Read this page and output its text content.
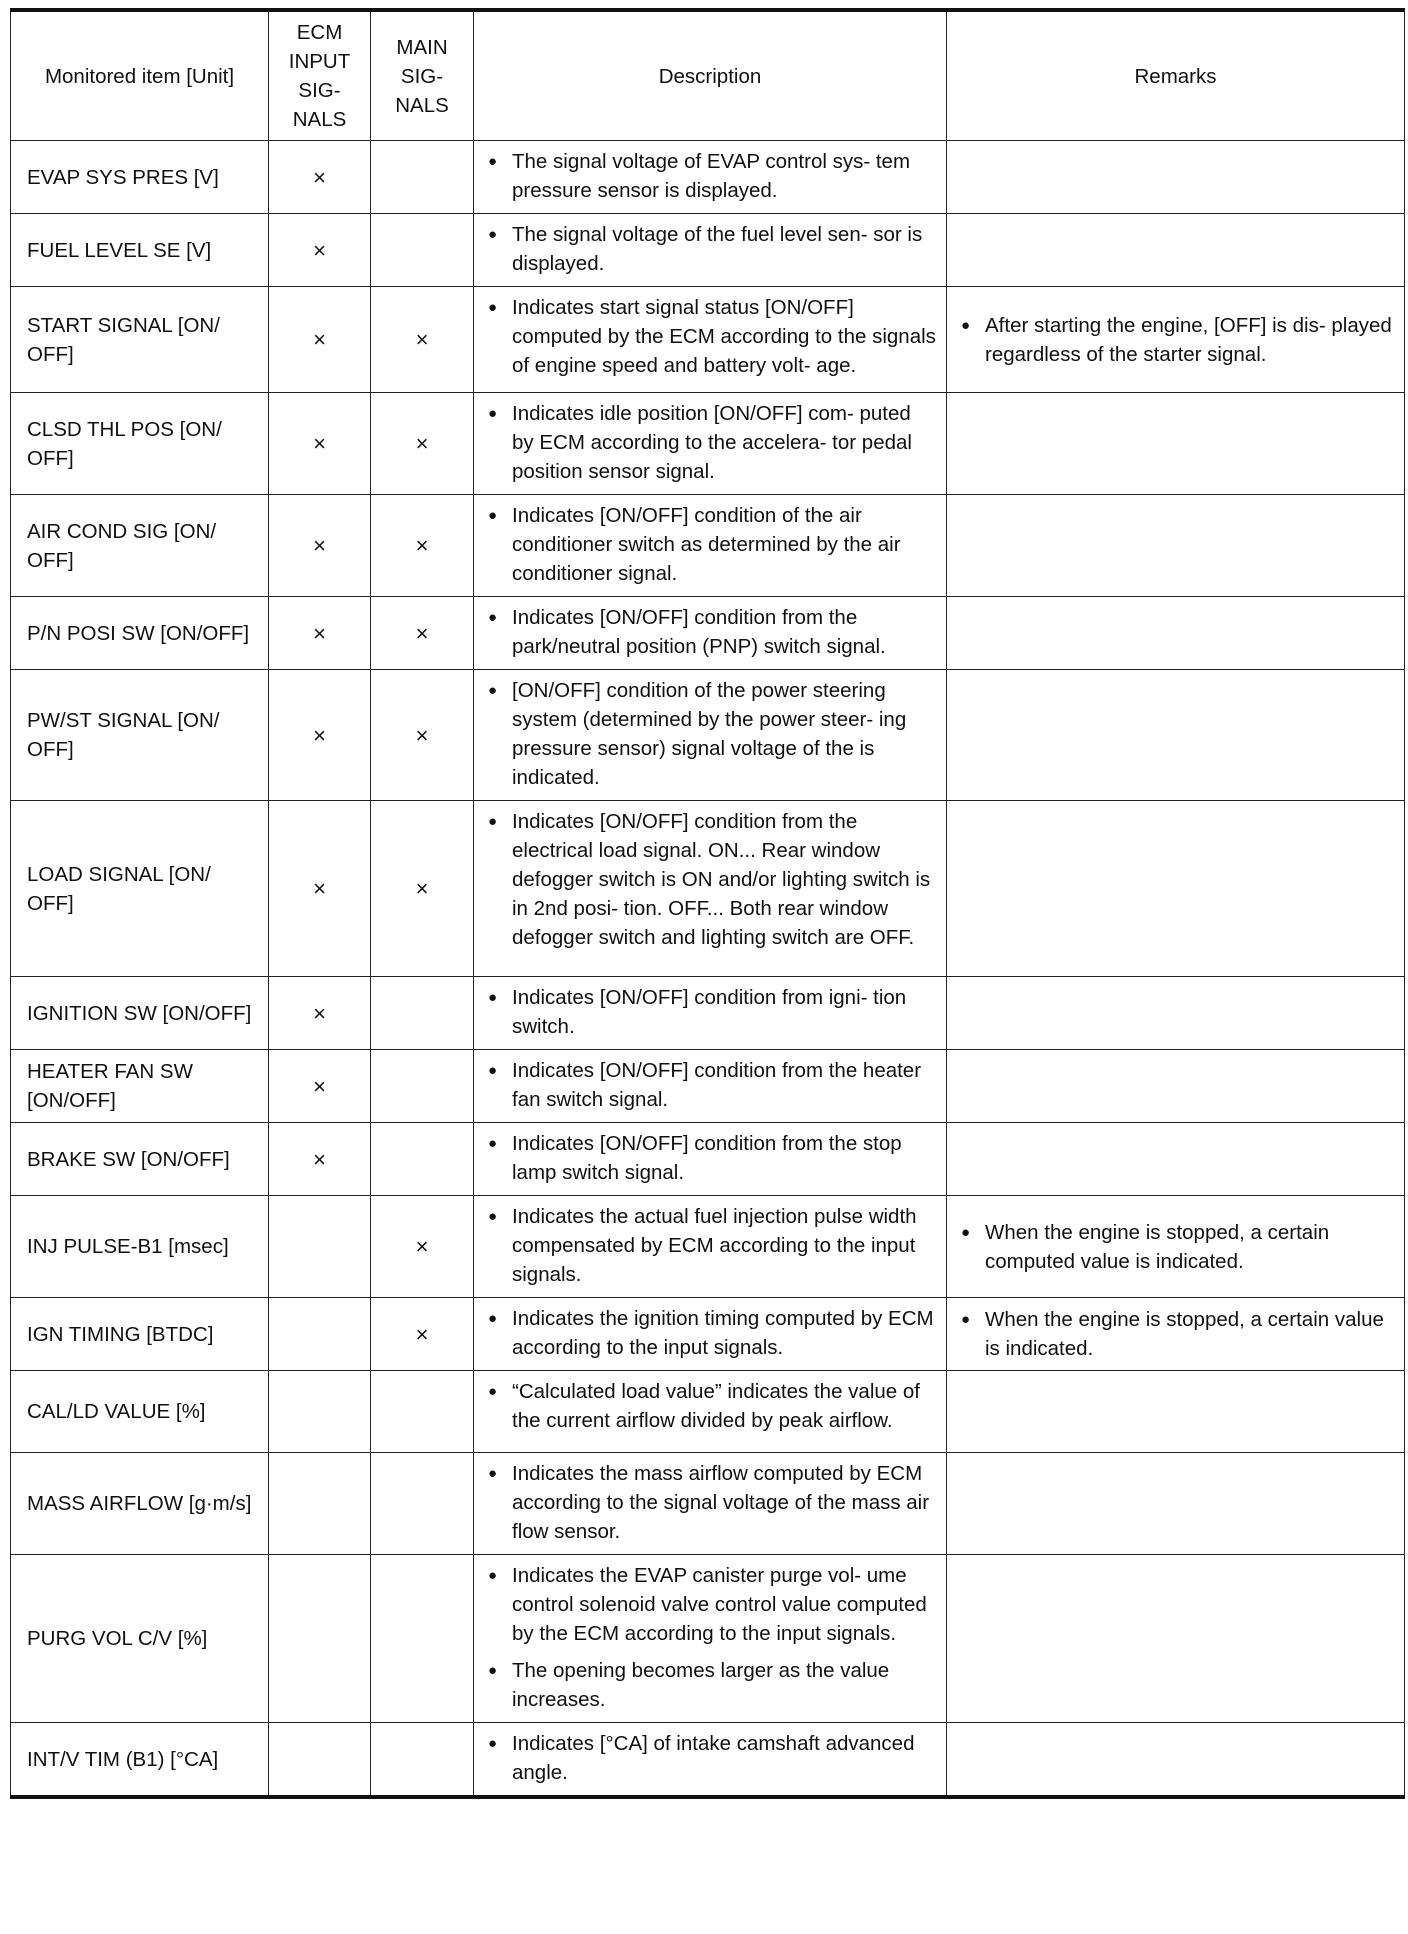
Monitored item [Unit]	ECM INPUT SIG- NALS	MAIN SIG- NALS	Description	Remarks
EVAP SYS PRES [V]	×		● The signal voltage of EVAP control sys- tem pressure sensor is displayed.	

FUEL LEVEL SE [V]	×		● The signal voltage of the fuel level sen- sor is displayed.	

START SIGNAL [ON/ OFF]	×	×	● Indicates start signal status [ON/OFF] computed by the ECM according to the signals of engine speed and battery volt- age.	● After starting the engine, [OFF] is dis- played regardless of the starter signal.

CLSD THL POS [ON/ OFF]	×	×	● Indicates idle position [ON/OFF] com- puted by ECM according to the accelera- tor pedal position sensor signal.	

AIR COND SIG [ON/ OFF]	×	×	● Indicates [ON/OFF] condition of the air conditioner switch as determined by the air conditioner signal.	

P/N POSI SW [ON/OFF]	×	×	● Indicates [ON/OFF] condition from the park/neutral position (PNP) switch signal.	

PW/ST SIGNAL [ON/ OFF]	×	×	● [ON/OFF] condition of the power steering system (determined by the power steer- ing pressure sensor) signal voltage of the is indicated.	

LOAD SIGNAL [ON/ OFF]	×	×	● Indicates [ON/OFF] condition from the electrical load signal. ON... Rear window defogger switch is ON and/or lighting switch is in 2nd posi- tion. OFF... Both rear window defogger switch and lighting switch are OFF.	

IGNITION SW [ON/OFF]	×		● Indicates [ON/OFF] condition from igni- tion switch.	

HEATER FAN SW [ON/OFF]	×		● Indicates [ON/OFF] condition from the heater fan switch signal.	

BRAKE SW [ON/OFF]	×		● Indicates [ON/OFF] condition from the stop lamp switch signal.	

INJ PULSE-B1 [msec]		×	● Indicates the actual fuel injection pulse width compensated by ECM according to the input signals.	● When the engine is stopped, a certain computed value is indicated.

IGN TIMING [BTDC]		×	● Indicates the ignition timing computed by ECM according to the input signals.	● When the engine is stopped, a certain value is indicated.

CAL/LD VALUE [%]			● “Calculated load value” indicates the value of the current airflow divided by peak airflow.	

MASS AIRFLOW [g·m/s]			● Indicates the mass airflow computed by ECM according to the signal voltage of the mass air flow sensor.	

PURG VOL C/V [%]			● Indicates the EVAP canister purge vol- ume control solenoid valve control value computed by the ECM according to the input signals.
● The opening becomes larger as the value increases.	

INT/V TIM (B1) [°CA]			● Indicates [°CA] of intake camshaft advanced angle.	
